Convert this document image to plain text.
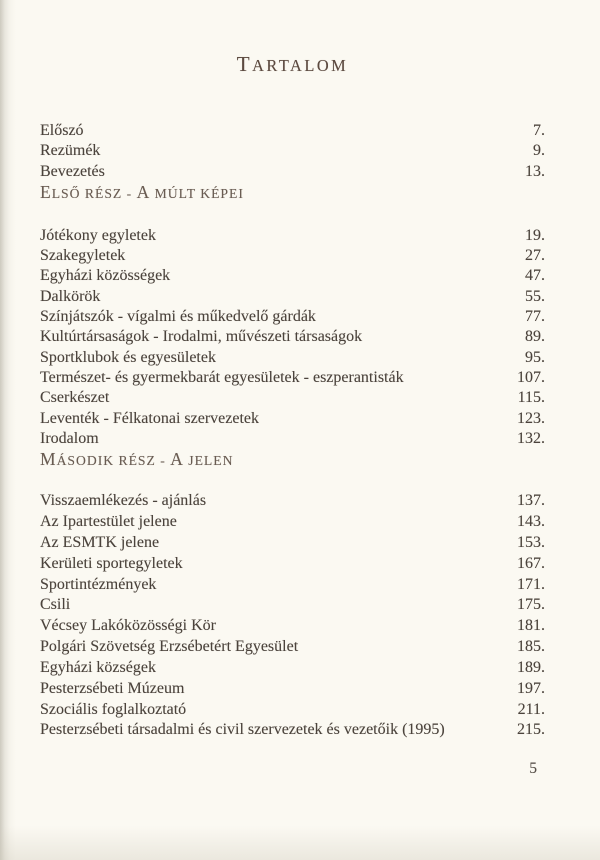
TARTALOM
Előszó	7.
Rezümék	9.
Bevezetés	13.
ELSŐ RÉSZ - A MÚLT KÉPEI
Jótékony egyletek	19.
Szakegyletek	27.
Egyházi közösségek	47.
Dalkörök	55.
Színjátszók - vígalmi és műkedvelő gárdák	77.
Kultúrtársaságok - Irodalmi, művészeti társaságok	89.
Sportklubok és egyesületek	95.
Természet- és gyermekbarát egyesületek - eszperantisták	107.
Cserkészet	115.
Leventék - Félkatonai szervezetek	123.
Irodalom	132.
MÁSODIK RÉSZ - A JELEN
Visszaemlékezés - ajánlás	137.
Az Ipartestület jelene	143.
Az ESMTK jelene	153.
Kerületi sportegyletek	167.
Sportintézmények	171.
Csili	175.
Vécsey Lakóközösségi Kör	181.
Polgári Szövetség Erzsébetért Egyesület	185.
Egyházi községek	189.
Pesterzsébeti Múzeum	197.
Szociális foglalkoztató	211.
Pesterzsébeti társadalmi és civil szervezetek és vezetőik (1995)	215.
5
